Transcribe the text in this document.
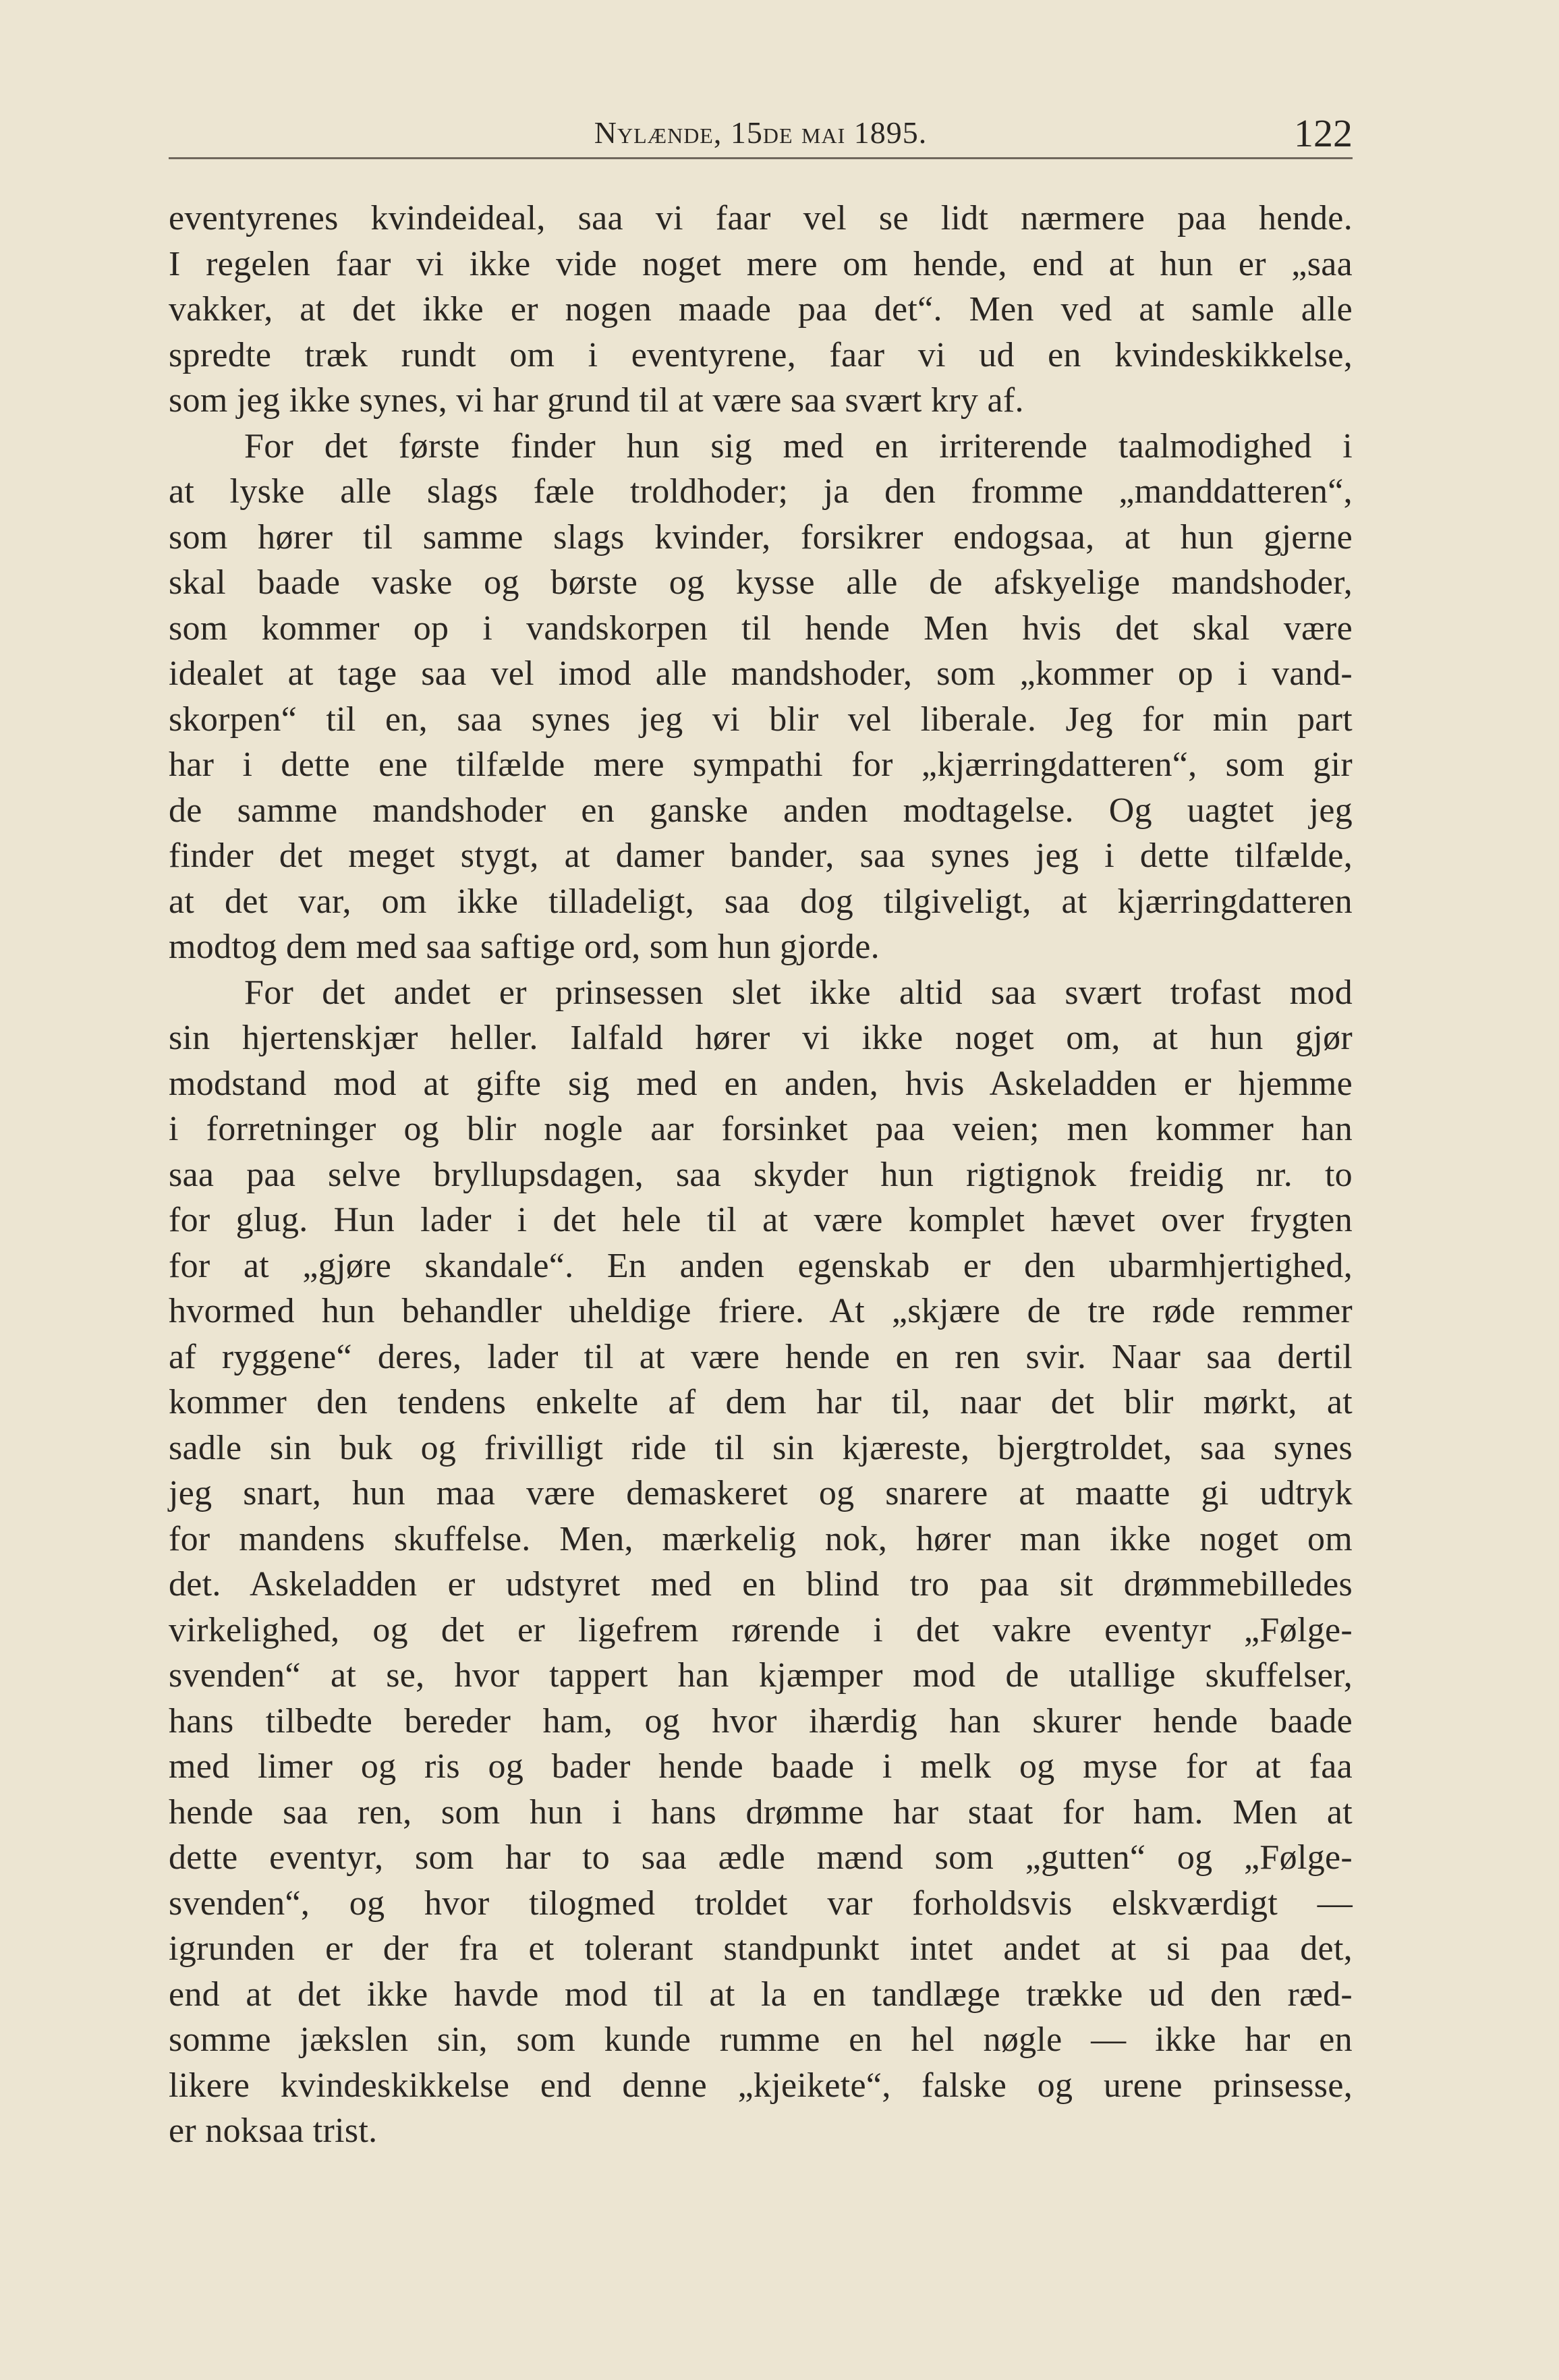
Nylænde, 15de mai 1895.	122
eventyrenes kvindeideal, saa vi faar vel se lidt nærmere paa hende.
I regelen faar vi ikke vide noget mere om hende, end at hun er „saa
vakker, at det ikke er nogen maade paa det“. Men ved at samle alle
spredte træk rundt om i eventyrene, faar vi ud en kvindeskikkelse,
som jeg ikke synes, vi har grund til at være saa svært kry af.
For det første finder hun sig med en irriterende taalmodighed i
at lyske alle slags fæle troldhoder; ja den fromme „manddatteren“,
som hører til samme slags kvinder, forsikrer endogsaa, at hun gjerne
skal baade vaske og børste og kysse alle de afskyelige mandshoder,
som kommer op i vandskorpen til hende Men hvis det skal være
idealet at tage saa vel imod alle mandshoder, som „kommer op i vand-
skorpen“ til en, saa synes jeg vi blir vel liberale. Jeg for min part
har i dette ene tilfælde mere sympathi for „kjærringdatteren“, som gir
de samme mandshoder en ganske anden modtagelse. Og uagtet jeg
finder det meget stygt, at damer bander, saa synes jeg i dette tilfælde,
at det var, om ikke tilladeligt, saa dog tilgiveligt, at kjærringdatteren
modtog dem med saa saftige ord, som hun gjorde.
For det andet er prinsessen slet ikke altid saa svært trofast mod
sin hjertenskjær heller. Ialfald hører vi ikke noget om, at hun gjør
modstand mod at gifte sig med en anden, hvis Askeladden er hjemme
i forretninger og blir nogle aar forsinket paa veien; men kommer han
saa paa selve bryllupsdagen, saa skyder hun rigtignok freidig nr. to
for glug. Hun lader i det hele til at være komplet hævet over frygten
for at „gjøre skandale“. En anden egenskab er den ubarmhjertighed,
hvormed hun behandler uheldige friere. At „skjære de tre røde remmer
af ryggene“ deres, lader til at være hende en ren svir. Naar saa dertil
kommer den tendens enkelte af dem har til, naar det blir mørkt, at
sadle sin buk og frivilligt ride til sin kjæreste, bjergtroldet, saa synes
jeg snart, hun maa være demaskeret og snarere at maatte gi udtryk
for mandens skuffelse. Men, mærkelig nok, hører man ikke noget om
det. Askeladden er udstyret med en blind tro paa sit drømmebilledes
virkelighed, og det er ligefrem rørende i det vakre eventyr „Følge-
svenden“ at se, hvor tappert han kjæmper mod de utallige skuffelser,
hans tilbedte bereder ham, og hvor ihærdig han skurer hende baade
med limer og ris og bader hende baade i melk og myse for at faa
hende saa ren, som hun i hans drømme har staat for ham. Men at
dette eventyr, som har to saa ædle mænd som „gutten“ og „Følge-
svenden“, og hvor tilogmed troldet var forholdsvis elskværdigt —
igrunden er der fra et tolerant standpunkt intet andet at si paa det,
end at det ikke havde mod til at la en tandlæge trække ud den ræd-
somme jækslen sin, som kunde rumme en hel nøgle — ikke har en
likere kvindeskikkelse end denne „kjeikete“, falske og urene prinsesse,
er noksaa trist.
